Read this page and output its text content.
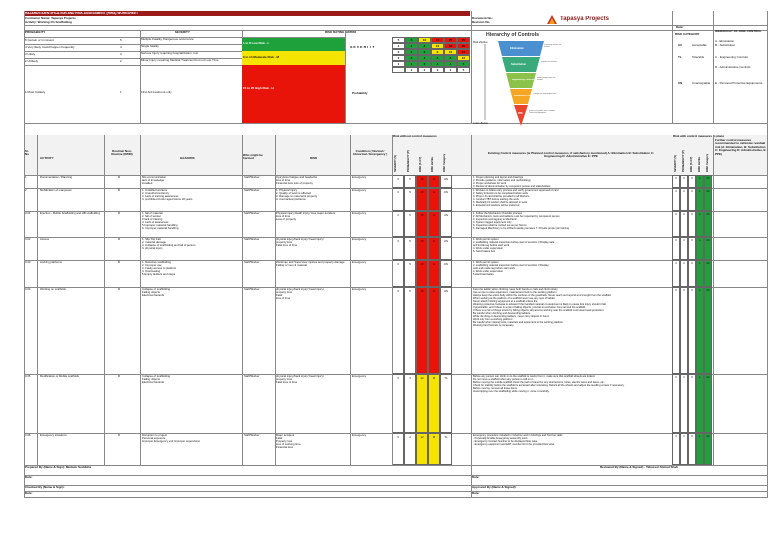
HAZARDS IDENTIFICATION AND RISK ASSESSMENT (HIRA) WORKSHEET
Contractor Name: Tapasya Projects
Activity: Working On Scaffolding
Document No.:
Revision No.
Date:
Tapasya Projects
PROBABILITY	SEVERITY	RISK RATING MATRIX	RISK CATEGORY
HIERARCHY OF RISK CONTROL
5 Certain or Imminent	5	Multiple Fatality, Dangerous occurrence
4 Very likely Could happen frequently	4	Single fatality
3 Likely	3	Serious Injury requiring hospitalization, lost
2 Unlikely	2	Minor Injury requiring Medical Treatment but not Lost Time
1 Most Unlikely	1	First Aid treatment only
1 to 8 Low Risk - L
9 to 14 Moderate Risk - M
15 to 25 High Risk - H
S E V E R I T Y
Probability
5	5	10	15	20	25
4	4	8	12	16	20
3	3	6	9	12	15
2	2	4	6	8	10
1	1	2	3	4	5
1	2	3	4	5
Hierarchy of Controls
Most effective
Least effective
Elimination
Substitution
Engineering Controls
Administrative Controls
PPE
Physically remove the hazard
Replace the hazard
Isolate people from the hazard
Change the way people work
Protect the worker with Personal Protective Equipment
AC	Acceptable
TL	Tolerable
UN	Unacceptable
A - Elimination
B - Substitution
C - Engineering Controls
D - Administrative Controls
E - Personal Protective Equipments
Risk without control measures	Risk with control measures in place
Sr. No
ACTIVITY
Routine/ Non-Routine (R/NR)
HAZARDS
Who might be harmed	RISK
Condition ( Normal / Abnormal / Emergency )	Existing Control measures (ie Planned control measures, if satisfactory mentioned) A: Elimination B: Substitution C: Engineering D: Administrative E: PPE
Further control measures recommended to minimize residual risk (A: Elimination, B: Substitution C: Engineering D: Administrative, E: PPE)
SEVERITY (S)	PROBABILITY (P)	RISK (S X P)	RISK LEVEL	RISK Category	SEVERITY (S) PROBABILITY (P) RISK (S X P) RISK LEVEL RISK Category
1	Documentation / Planning	R	Mis-communication
lack of knowledge
installed
Staff/Worker	Injury/loss Fatigue and headache
loss of time
Financial loss loss of property
Emergency	3	5	15	H	UN	1. Proper planning and layout and drawings
2. Provide guidance, information and methodology
3. Proper worksheet for work
4. Review of documentation by competent person and stakeholders
3	2	6	L	AC
2	Mobilization of manpower	R	1. Unskilled workers
2. Unauthorized Entry
3. Lack of training awareness
4. prohibited Under aged below 18 years
Staff/Worker	1. Physical injury
2. Quality of work is affected
3. Damage to material & property
4. Contractual problems
Emergency	3	5	15	H	UN	1. Workers to follow entry process and verify government approved id card
2. Safety Induction to be completed before work
3. Photo I.D card shall be provided to all Workers
4. Conduct TBT before starting the work
5. Medically Fit worker shall be allowed to work
6. Experienced workers will be preferred
3	2	6	L	AC
3.01	Erection - Mobile Scaffolding and HB scaffolding	R	1. fall of material
2. fall of worker
3 lack of training
4. Lack of awareness
5 Improper material handling
6. Improper material handling
Staff/Worker	Physical injury Death injury/ loss major accident
loss of time
Loss of property
Emergency	3	5	15	H	UN	1. Follow the Mechanics Checklist process
2. All Mechanics, tools and ladders must be inspected by competent person
3. Inspection and tagging to Mechanic
4. System tagged equipment only
5. Inspection shall be carried out as per Norms
6. Damaged Machinery to be shifted outside premises 7. Provide proper job training
3	2	6	L	AC
3.02	Access	R	1. Slip Trip Fall
2. material damage
3. Collapse of scaffolding and fall of person
4. physical injury
Staff/Worker	physical injury/back injury/ head injury/
property loss
Fatal loss of time
Emergency	3	5	15	H	UN	1. Work permit system
2. scaffolding material inspection before start of erection 3 Display safe
and inside tag before start work
4. Work under supervision
5. hand brakes box
3	2	6	L	AC
3.03	working platforms	R	1. Defective scaffolding
2. Improper use
3. Faulty access to platform
4. Overloading
5 Empty ladders and steps
Staff/Worker	Workman and Supervisor injuries and property damage
Falling of men & material
Emergency	3	5	15	H	UN	1. Work permit system
2. scaffolding material inspection before start of erection 3 Display
safe and inside tag before start work
4. Work under supervision
5 Hard barricades
3	2	6	L	AC
3.04	Working on scaffolds	R	Collapse of scaffolding
Falling objects
Electrical hazards
Staff/Worker	physical injury/back injury/ head injury/
property loss
Fatal
loss of time
Emergency	3	5	15	H	UN	Face the ladder when climbing, keep both hands on rails and climb slowly.
Use a rope to raise equipment, material and tools to the working platform.
Always keep the entire body within the confines of the guardrails. Never reach out beyond arm's length from the scaffold.
When working at the platform of a scaffold never use any type of ladder.
Never attach hoisting equipment to a scaffold unless the
Wearing protective footwear is advised if the handled material or equipment is likely to cause foot injury should it fall.
If practicable, and if there is a risk of falling objects, provide an exclusion zone around the scaffold.
If there is a risk of things struck by falling objects, all persons working near the scaffold must wear head protection.
Be careful when climbing and descending ladders.
While climbing or descending ladders, never carry objects in hand.
Work only from a working platform.
Be careful when raising tools, materials and equipment to the working platform.
Wearing hard helmets is necessary.
3	2	6	L	AC
3.05	Modification or Mobile scaffolds	R	Collapse of scaffolding
Falling objects
Electrical hazards
Staff/Worker	physical injury/back injury/ head injury/
property loss
Fatal loss of time
Emergency	3	4	12	M	TL	Before any person can climb on to the scaffold or works from it, make sure that scaffold wheels are locked.
Do not move a scaffold when any person is still on it.
Before moving the mobile scaffold check the path of travel for any obstructions, holes, electric wires and faces, etc.
Check for stability before the scaffold is accessed after relocating. Relock all the wheels and adjust the levelling screws if necessary.
Before moving, remove all loose items.
Avoid tipping over the scaffolding while moving it, move it carefully.
3	2	6	L	AC
3.06	Emergency situations	R	Disruption to project
Personal exposure
Improper Emergency exit Improper supervision
Staff/Worker	Major accident
Fatal
Property loss
loss of working time
Financial loss
Emergency	3	4	12	M	TL	Emergency procedure included in induction and in briefings and Tool box talks
- Personally Enable Emergency assembly point.
- Emergency Contact Number to be displayed floor wise.
- Emergency equipment and ERT member list to be provided floor wise
3	2	6	L	AC
Prepared By (Name & Sign): Mudasir Sudduha	Reviewed By (Name & Signed) - Tabassul Ahmad Shah
Date:	Date:
Checked By (Name & Sign):	Approved By (Name & Signed):
Date:	Date:
